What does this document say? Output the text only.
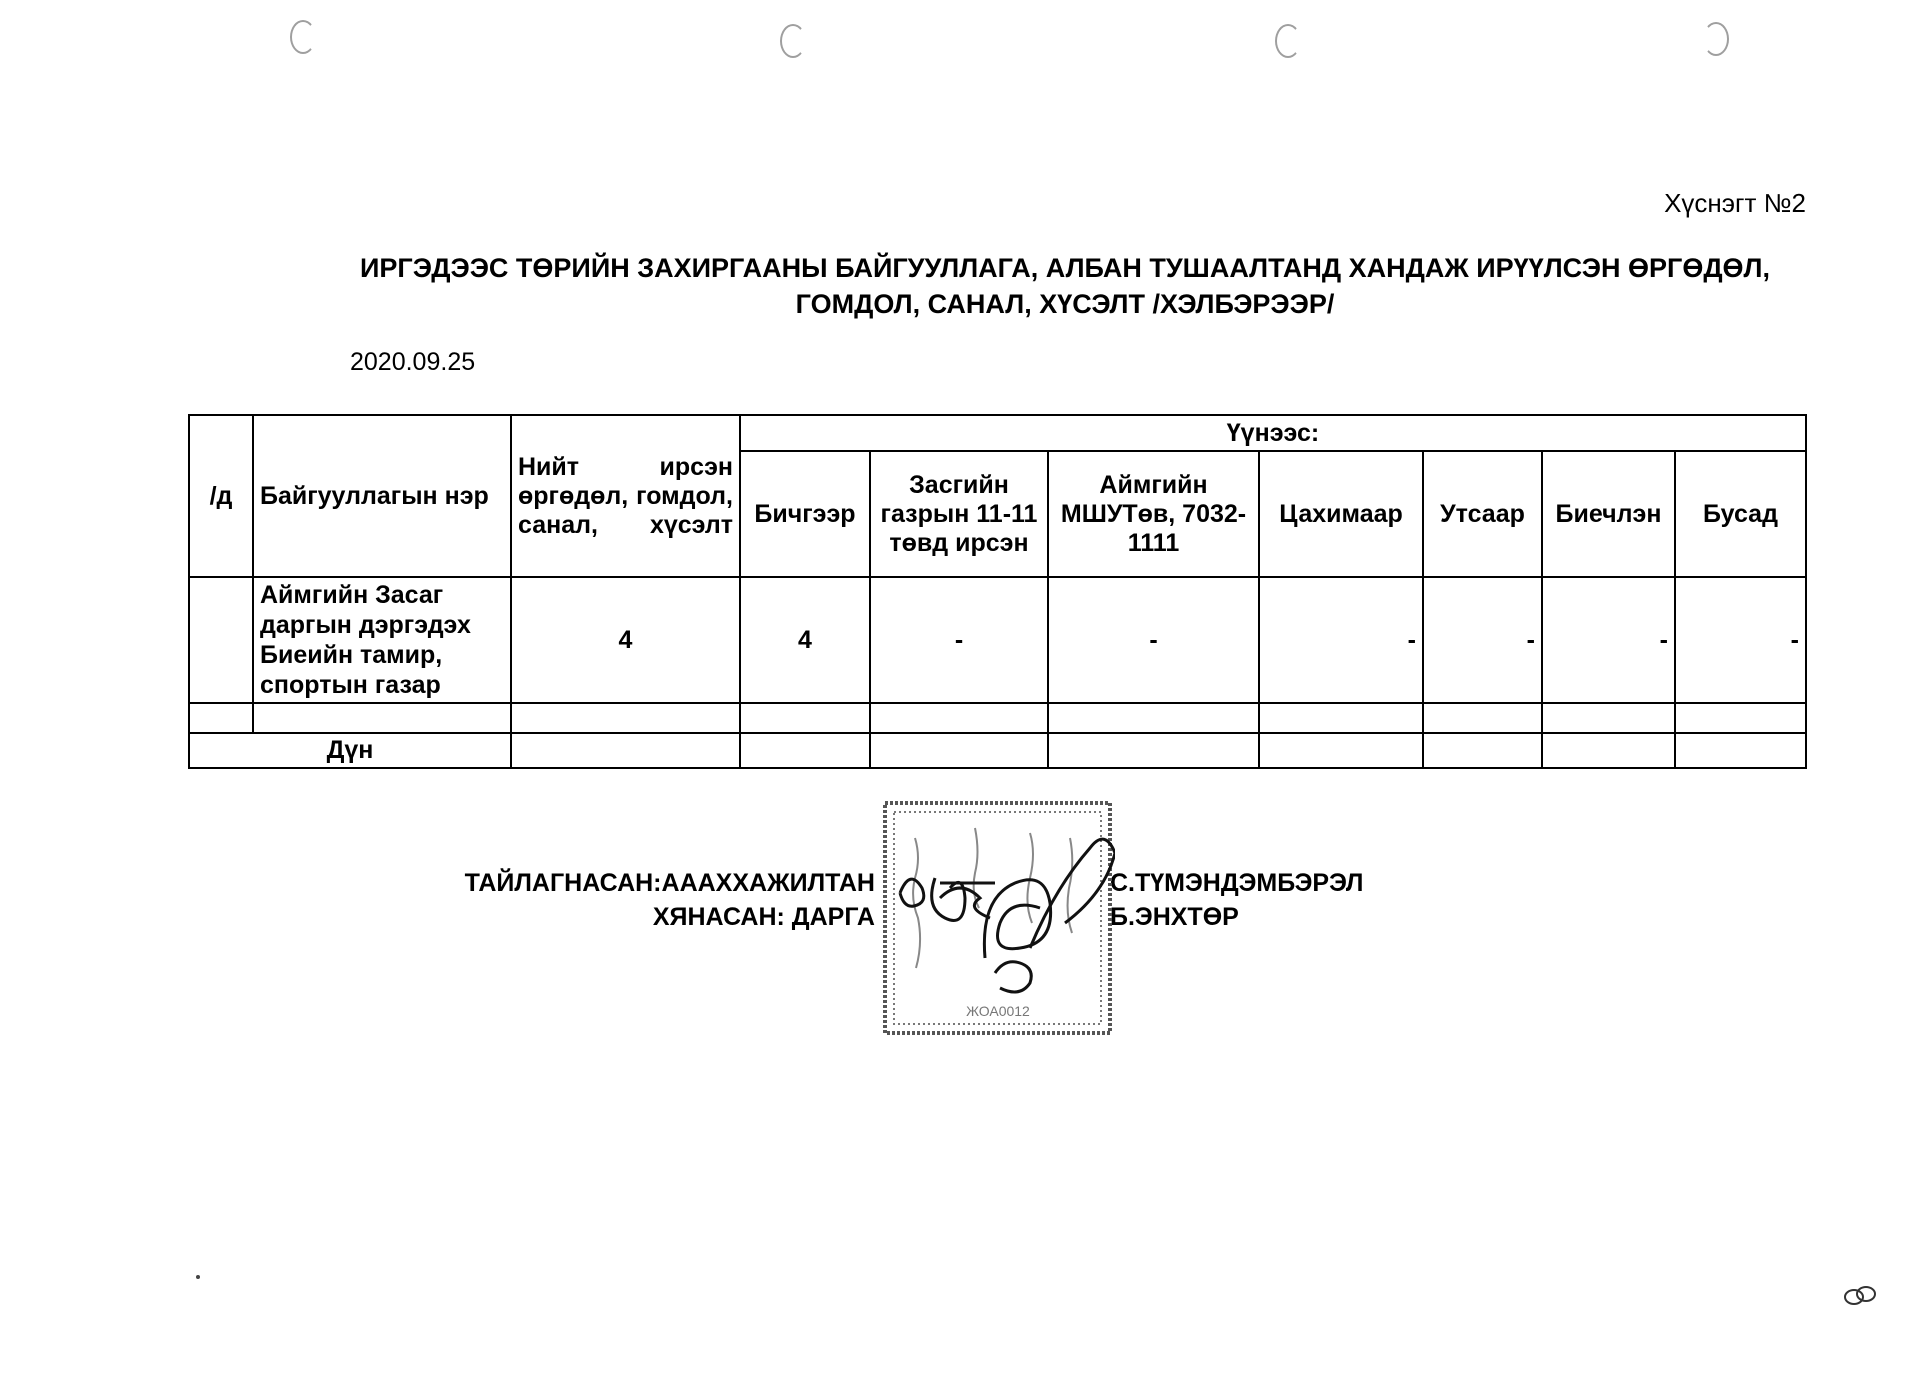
Хүснэгт №2
ИРГЭДЭЭС ТӨРИЙН ЗАХИРГААНЫ БАЙГУУЛЛАГА, АЛБАН ТУШААЛТАНД ХАНДАЖ ИРҮҮЛСЭН ӨРГӨДӨЛ, ГОМДОЛ, САНАЛ, ХҮСЭЛТ /ХЭЛБЭРЭЭР/
2020.09.25
/д	Байгууллагын нэр	Нийт ирсэн өргөдөл, гомдол, санал, хүсэлт	Үүнээс:						
			Бичгээр	Засгийн газрын 11-11 төвд ирсэн	Аймгийн МШУТөв, 7032-1111	Цахимаар	Утсаар	Биечлэн	Бусад
	Аймгийн Засаг даргын дэргэдэх Биеийн тамир, спортын газар	4	4	-	-	-	-	-	-

Дүн									
ТАЙЛАГНАСАН:АААХХАЖИЛТАН
ХЯНАСАН: ДАРГА
С.ТҮМЭНДЭМБЭРЭЛ
Б.ЭНХТӨР
ЖОА0012
